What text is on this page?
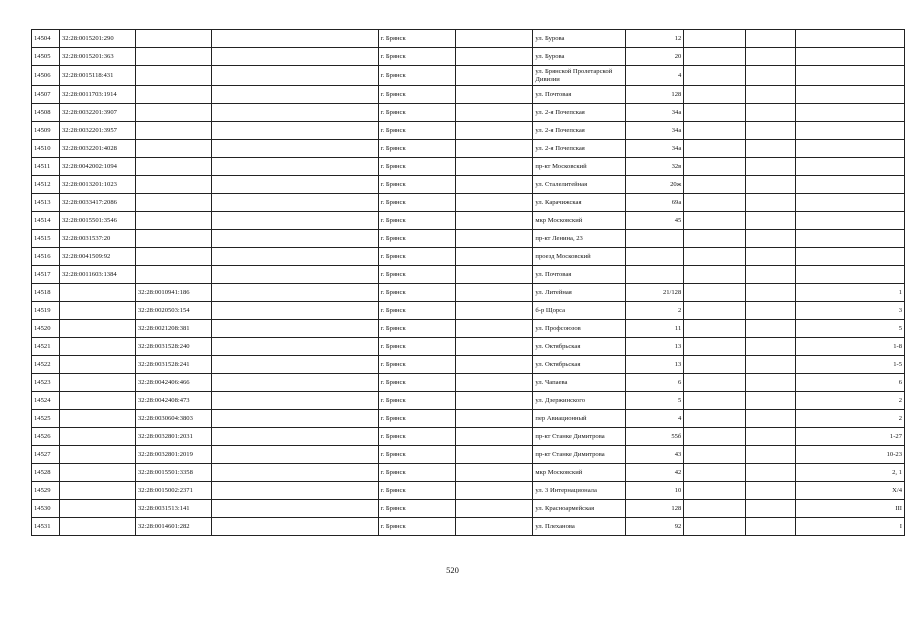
14504	32:28:0015201:290			г. Брянск		ул. Бурова	12			
14505	32:28:0015201:363			г. Брянск		ул. Бурова	20			
14506	32:28:0015118:431			г. Брянск		ул. Брянской Пролетарской Дивизии	4			
14507	32:28:0011703:1914			г. Брянск		ул. Почтовая	128			
14508	32:28:0032201:3907			г. Брянск		ул. 2-я Почепская	34а			
14509	32:28:0032201:3957			г. Брянск		ул. 2-я Почепская	34а			
14510	32:28:0032201:4028			г. Брянск		ул. 2-я Почепская	34а			
14511	32:28:0042002:1094			г. Брянск		пр-кт Московский	32в			
14512	32:28:0013201:1023			г. Брянск		ул. Сталелитейная	20ж			
14513	32:28:0033417:2086			г. Брянск		ул. Карачижская	69а			
14514	32:28:0015501:3546			г. Брянск		мкр Московский	45			
14515	32:28:0031537:20			г. Брянск		пр-кт Ленина, 23				
14516	32:28:0041509:92			г. Брянск		проезд Московский				
14517	32:28:0011603:1384			г. Брянск		ул. Почтовая				
14518		32:28:0010941:186		г. Брянск		ул. Литейная	21/128			1
14519		32:28:0020503:154		г. Брянск		б-р Щорса	2			3
14520		32:28:0021208:381		г. Брянск		ул. Профсоюзов	11			5
14521		32:28:0031528:240		г. Брянск		ул. Октябрьская	13			1-8
14522		32:28:0031528:241		г. Брянск		ул. Октябрьская	13			1-5
14523		32:28:0042406:466		г. Брянск		ул. Чапаева	6			6
14524		32:28:0042408:473		г. Брянск		ул. Дзержинского	5			2
14525		32:28:0030604:3803		г. Брянск		пер Авиационный	4			2
14526		32:28:0032801:2031		г. Брянск		пр-кт Станке Димитрова	55б			1-27
14527		32:28:0032801:2019		г. Брянск		пр-кт Станке Димитрова	43			10-23
14528		32:28:0015501:3358		г. Брянск		мкр Московский	42			2, 1
14529		32:28:0015002:2371		г. Брянск		ул. 3 Интернационала	10			Х/4
14530		32:28:0031513:141		г. Брянск		ул. Красноармейская	128			III
14531		32:28:0014601:282		г. Брянск		ул. Плеханова	92			I
520
